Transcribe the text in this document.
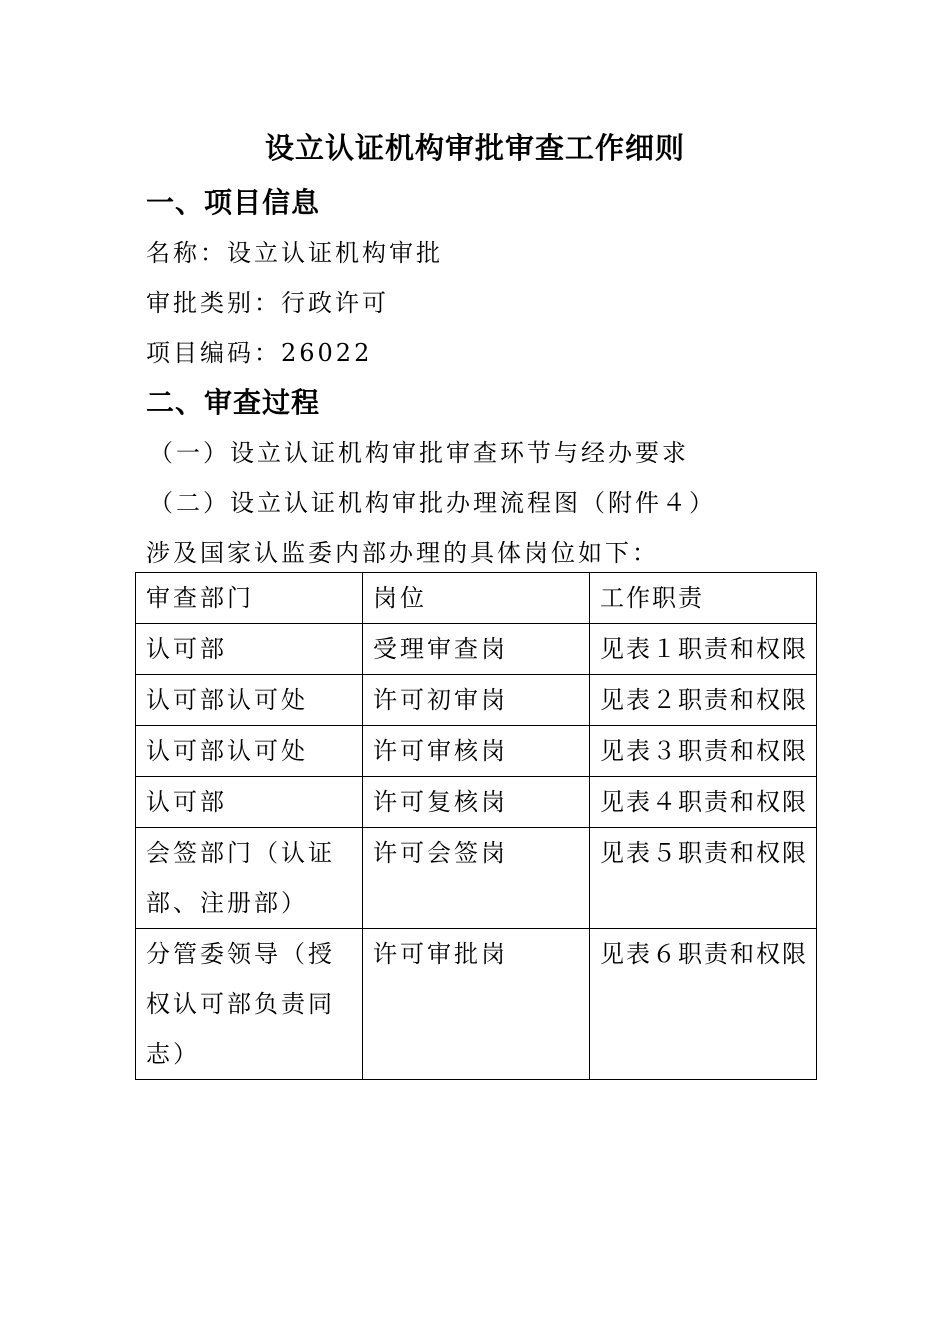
设立认证机构审批审查工作细则
一、项目信息
名称：设立认证机构审批
审批类别：行政许可
项目编码：26022
二、审查过程
（一）设立认证机构审批审查环节与经办要求
（二）设立认证机构审批办理流程图（附件４）
涉及国家认监委内部办理的具体岗位如下：
审查部门	岗位	工作职责
认可部	受理审查岗	见表１职责和权限
认可部认可处	许可初审岗	见表２职责和权限
认可部认可处	许可审核岗	见表３职责和权限
认可部	许可复核岗	见表４职责和权限
会签部门（认证部、注册部）	许可会签岗	见表５职责和权限
分管委领导（授权认可部负责同志）	许可审批岗	见表６职责和权限
